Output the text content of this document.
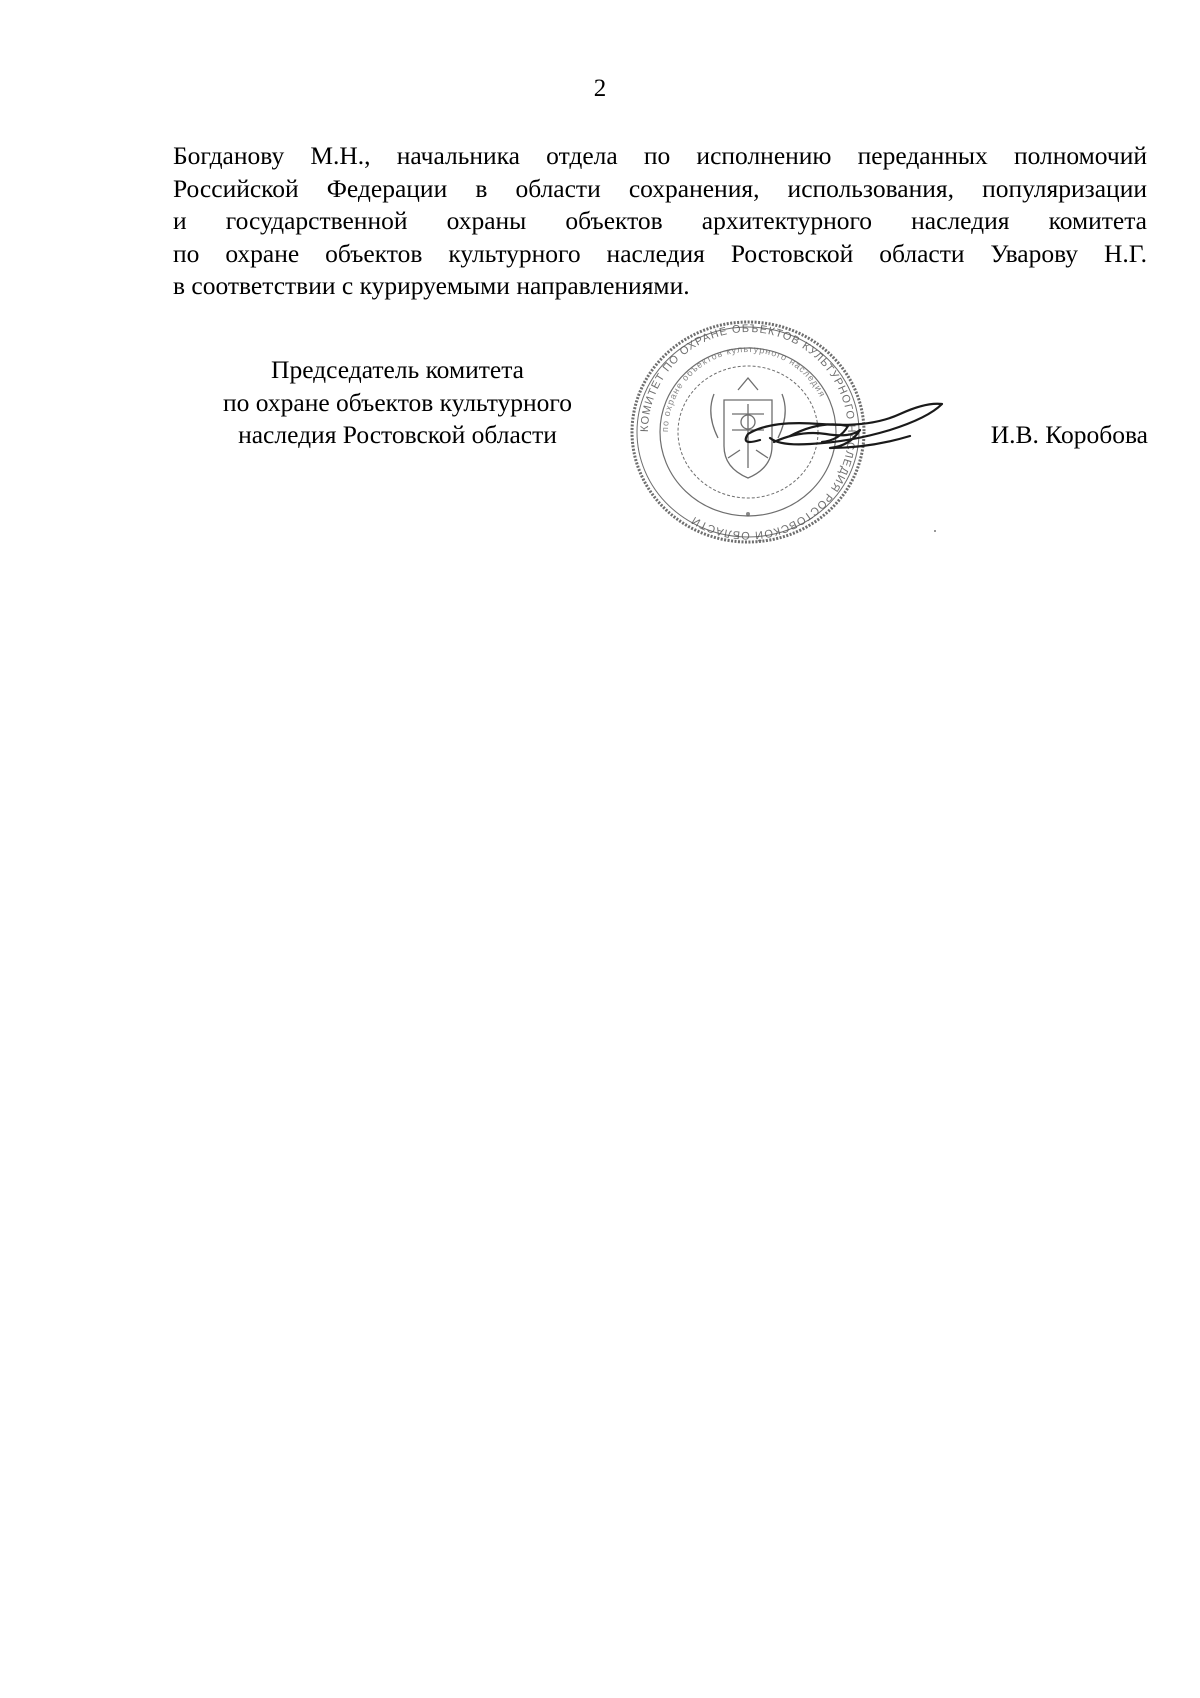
2
Богданову М.Н., начальника отдела по исполнению переданных полномочий
Российской Федерации в области сохранения, использования, популяризации
и государственной охраны объектов архитектурного наследия комитета
по охране объектов культурного наследия Ростовской области Уварову Н.Г.
в соответствии с курируемыми направлениями.
Председатель комитета
по охране объектов культурного
наследия Ростовской области	КОМИТЕТ ПО ОХРАНЕ ОБЪЕКТОВ КУЛЬТУРНОГО НАСЛЕДИЯ РОСТОВСКОЙ ОБЛАСТИ
по охране объектов культурного наследия
И.В. Коробова
